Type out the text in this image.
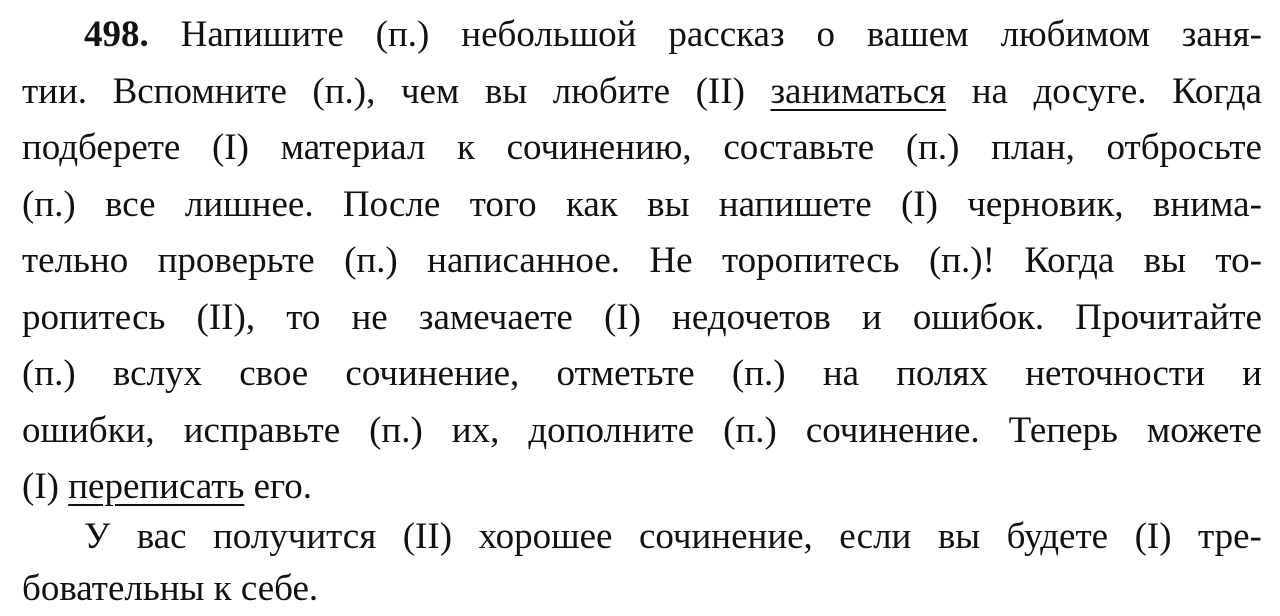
498. Напишите (п.) небольшой рассказ о вашем любимом заня-
тии. Вспомните (п.), чем вы любите (II) заниматься на досуге. Когда
подберете (I) материал к сочинению, составьте (п.) план, отбросьте
(п.) все лишнее. После того как вы напишете (I) черновик, внима-
тельно проверьте (п.) написанное. Не торопитесь (п.)! Когда вы то-
ропитесь (II), то не замечаете (I) недочетов и ошибок. Прочитайте
(п.) вслух свое сочинение, отметьте (п.) на полях неточности и
ошибки, исправьте (п.) их, дополните (п.) сочинение. Теперь можете
(I) переписать его.
У вас получится (II) хорошее сочинение, если вы будете (I) тре-
бовательны к себе.
